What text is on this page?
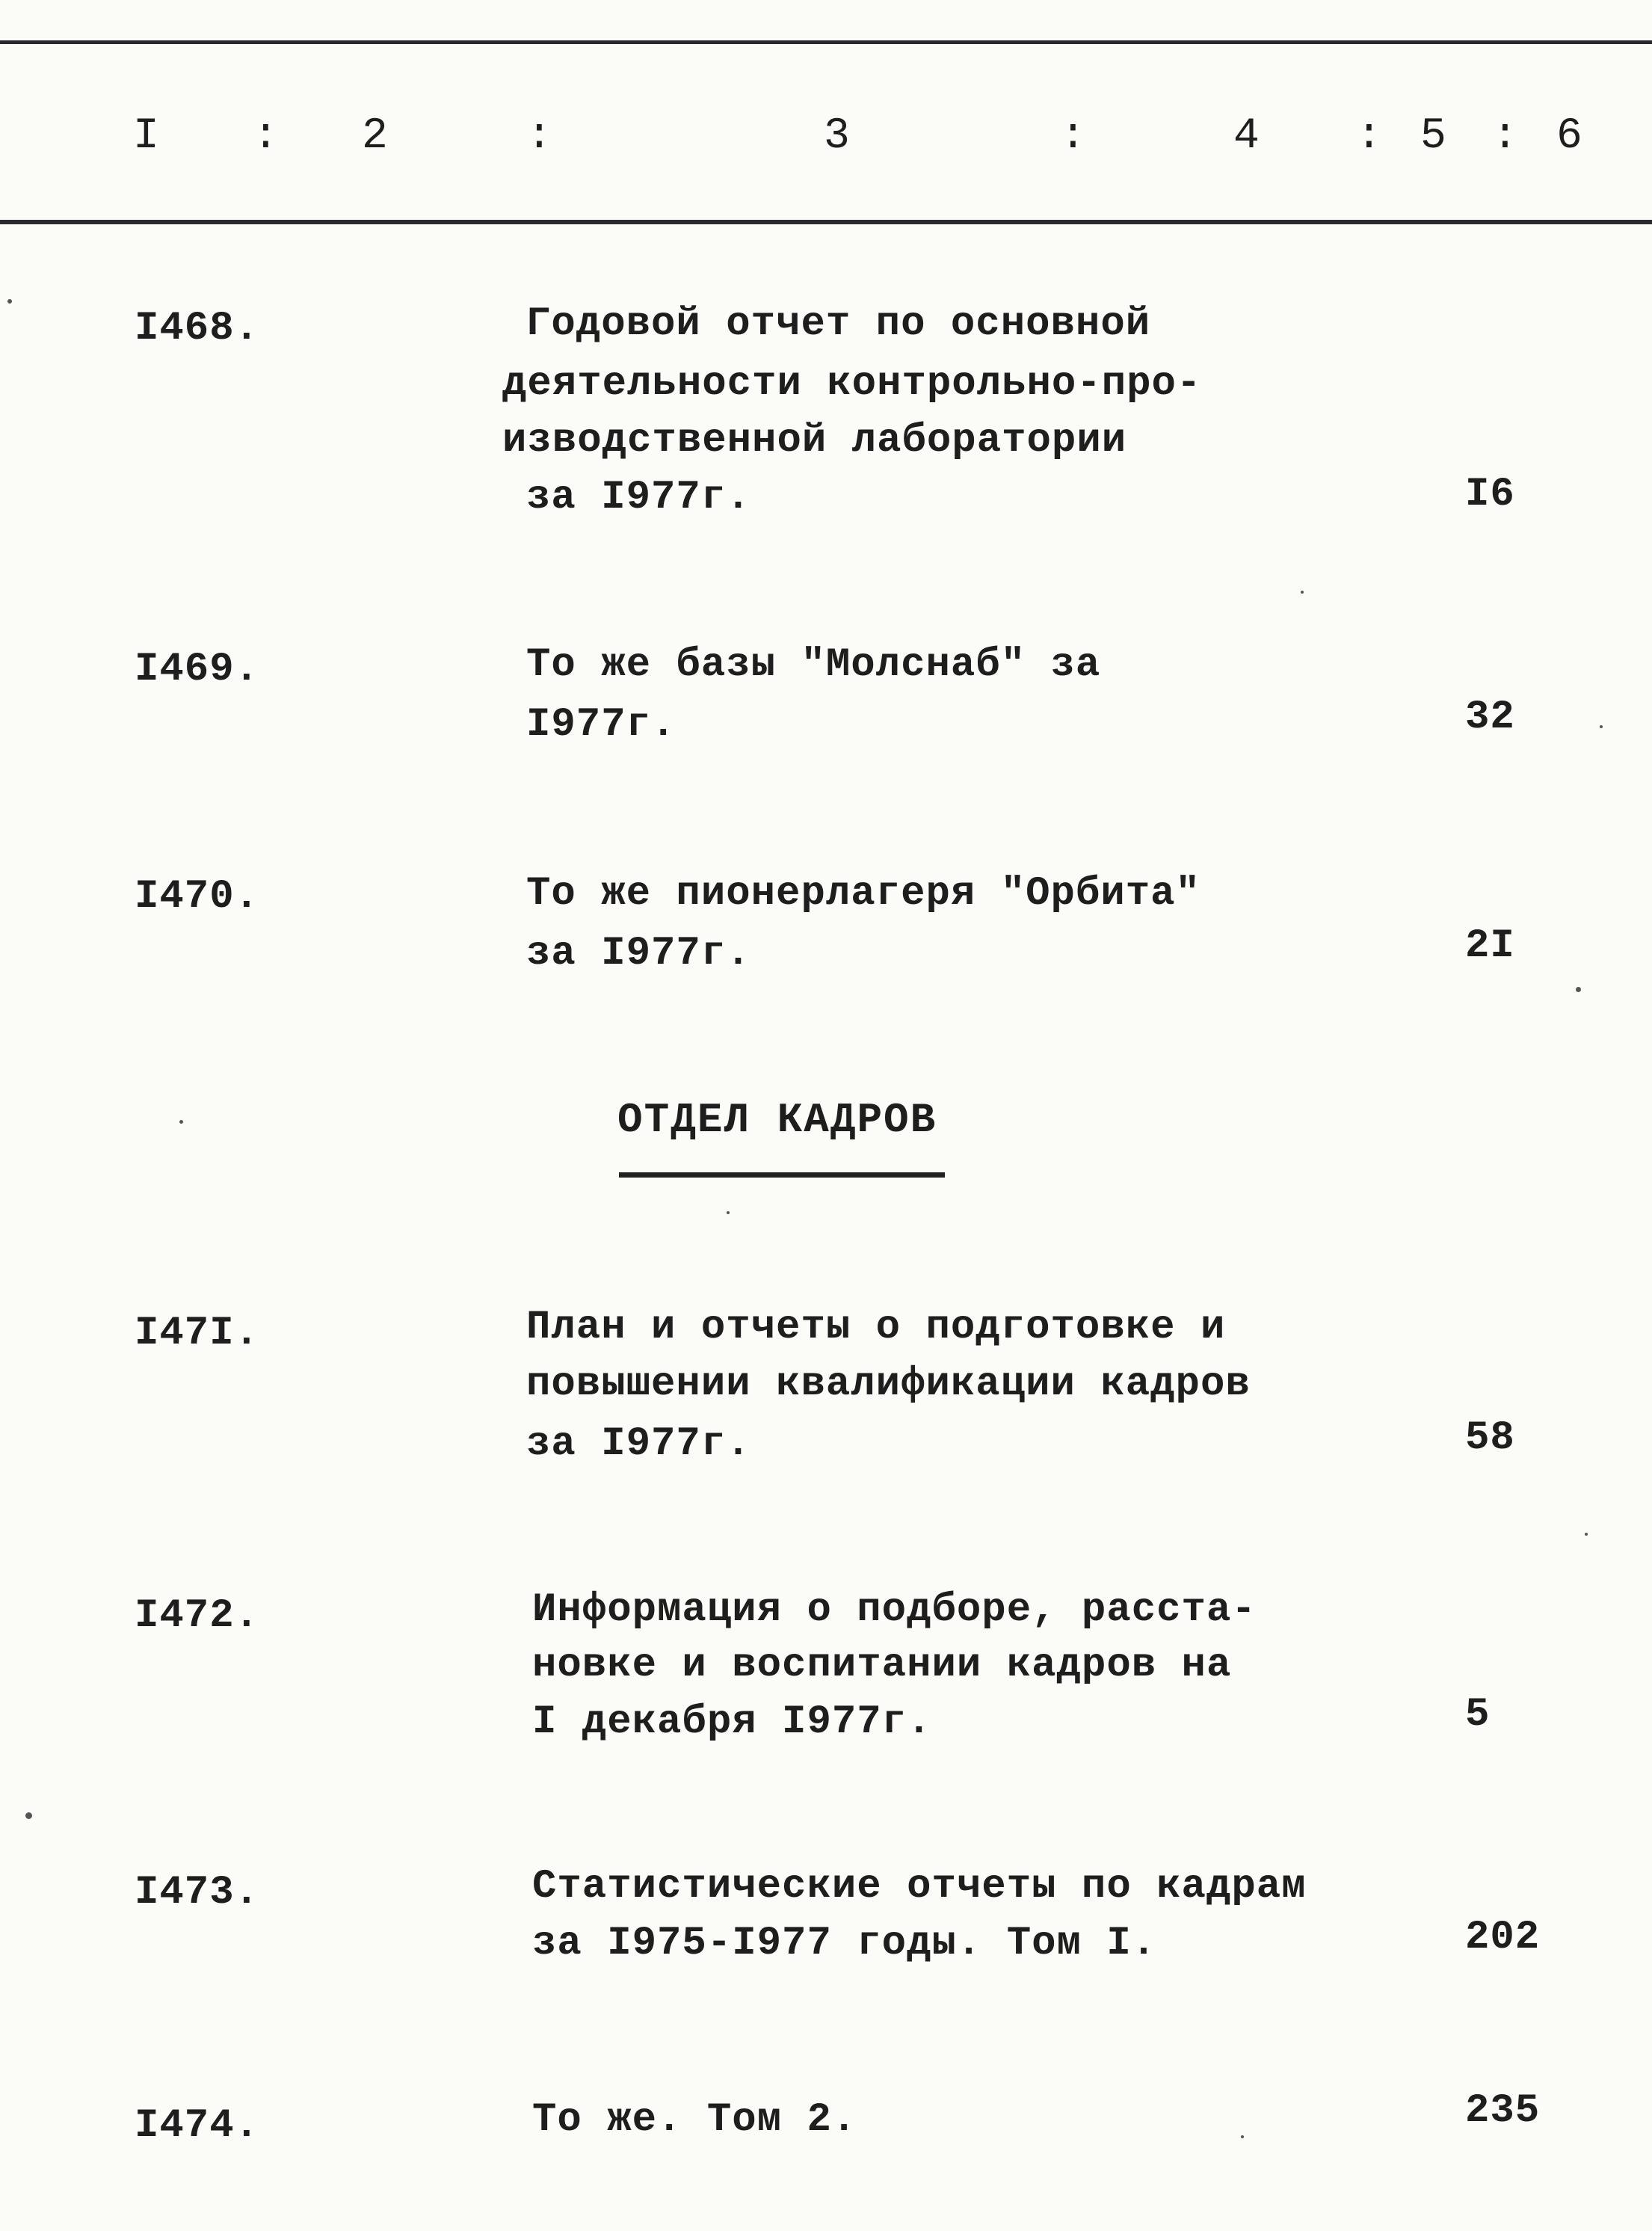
I : 2	:	3	:	4 : 5 : 6
I468.	Годовой отчет по основной
деятельности контрольно-про-
изводственной лаборатории
за I977г.	I6
I469.	То же базы "Молснаб" за
I977г.	32
I470.	То же пионерлагеря "Орбита"
за I977г.	2I
ОТДЕЛ КАДРОВ
I47I.	План и отчеты о подготовке и
повышении квалификации кадров
за I977г.	58
I472.	Информация о подборе, расста-
новке и воспитании кадров на
I декабря I977г.	5
I473.	Статистические отчеты по кадрам
за I975-I977 годы. Том I.	202
I474.	То же. Том 2.	235
